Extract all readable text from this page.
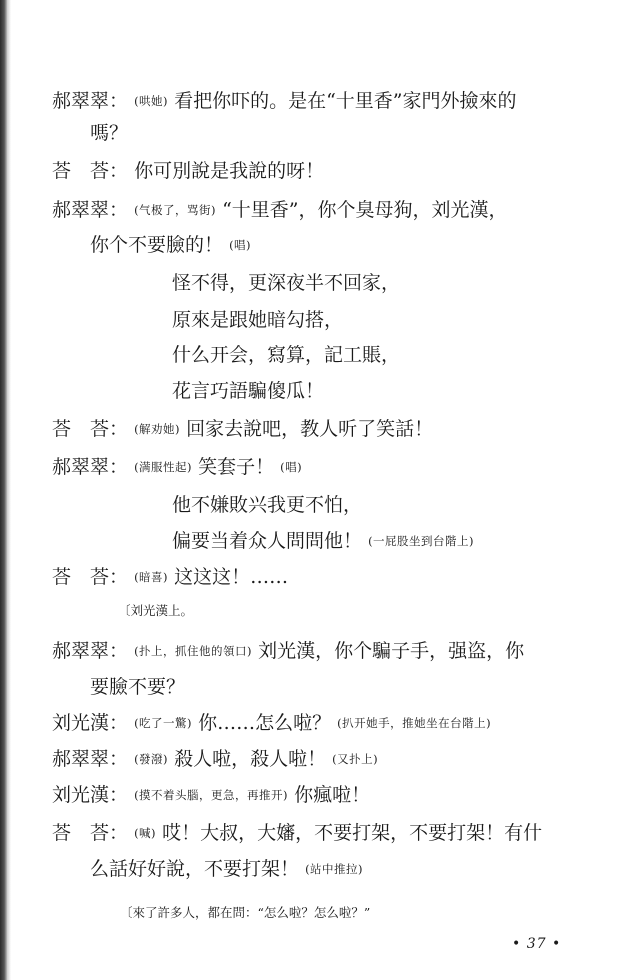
郝翠翠： (哄她) 看把你吓的。是在“十里香”家門外撿來的
嗎？
荅　荅： 你可別說是我說的呀！
郝翠翠： (气极了，骂街) “十里香”，你个臭母狗，刘光漢，
你个不要臉的！ (唱)
怪不得，更深夜半不回家，
原來是跟她暗勾搭，
什么开会，寫算，記工賬，
花言巧語騙傻瓜！
荅　荅： (解劝她) 回家去說吧，教人听了笑話！
郝翠翠： (满服性起) 笑套子！ (唱)
他不嫌敗兴我更不怕，
偏要当着众人問問他！ (一屁股坐到台階上)
荅　荅： (暗喜) 这这这！……
〔刘光漢上。
郝翠翠： (扑上，抓住他的領口) 刘光漢，你个騙子手，强盗，你
要臉不要？
刘光漢： (吃了一驚) 你……怎么啦？ (扒开她手，推她坐在台階上)
郝翠翠： (發潑) 殺人啦，殺人啦！ (又扑上)
刘光漢： (摸不着头腦，更急，再推开) 你瘋啦！
荅　荅： (喊) 哎！大叔，大嬸，不要打架，不要打架！有什
么話好好說，不要打架！ (站中推拉)
〔來了許多人，都在問：“怎么啦？怎么啦？”
• 37 •
